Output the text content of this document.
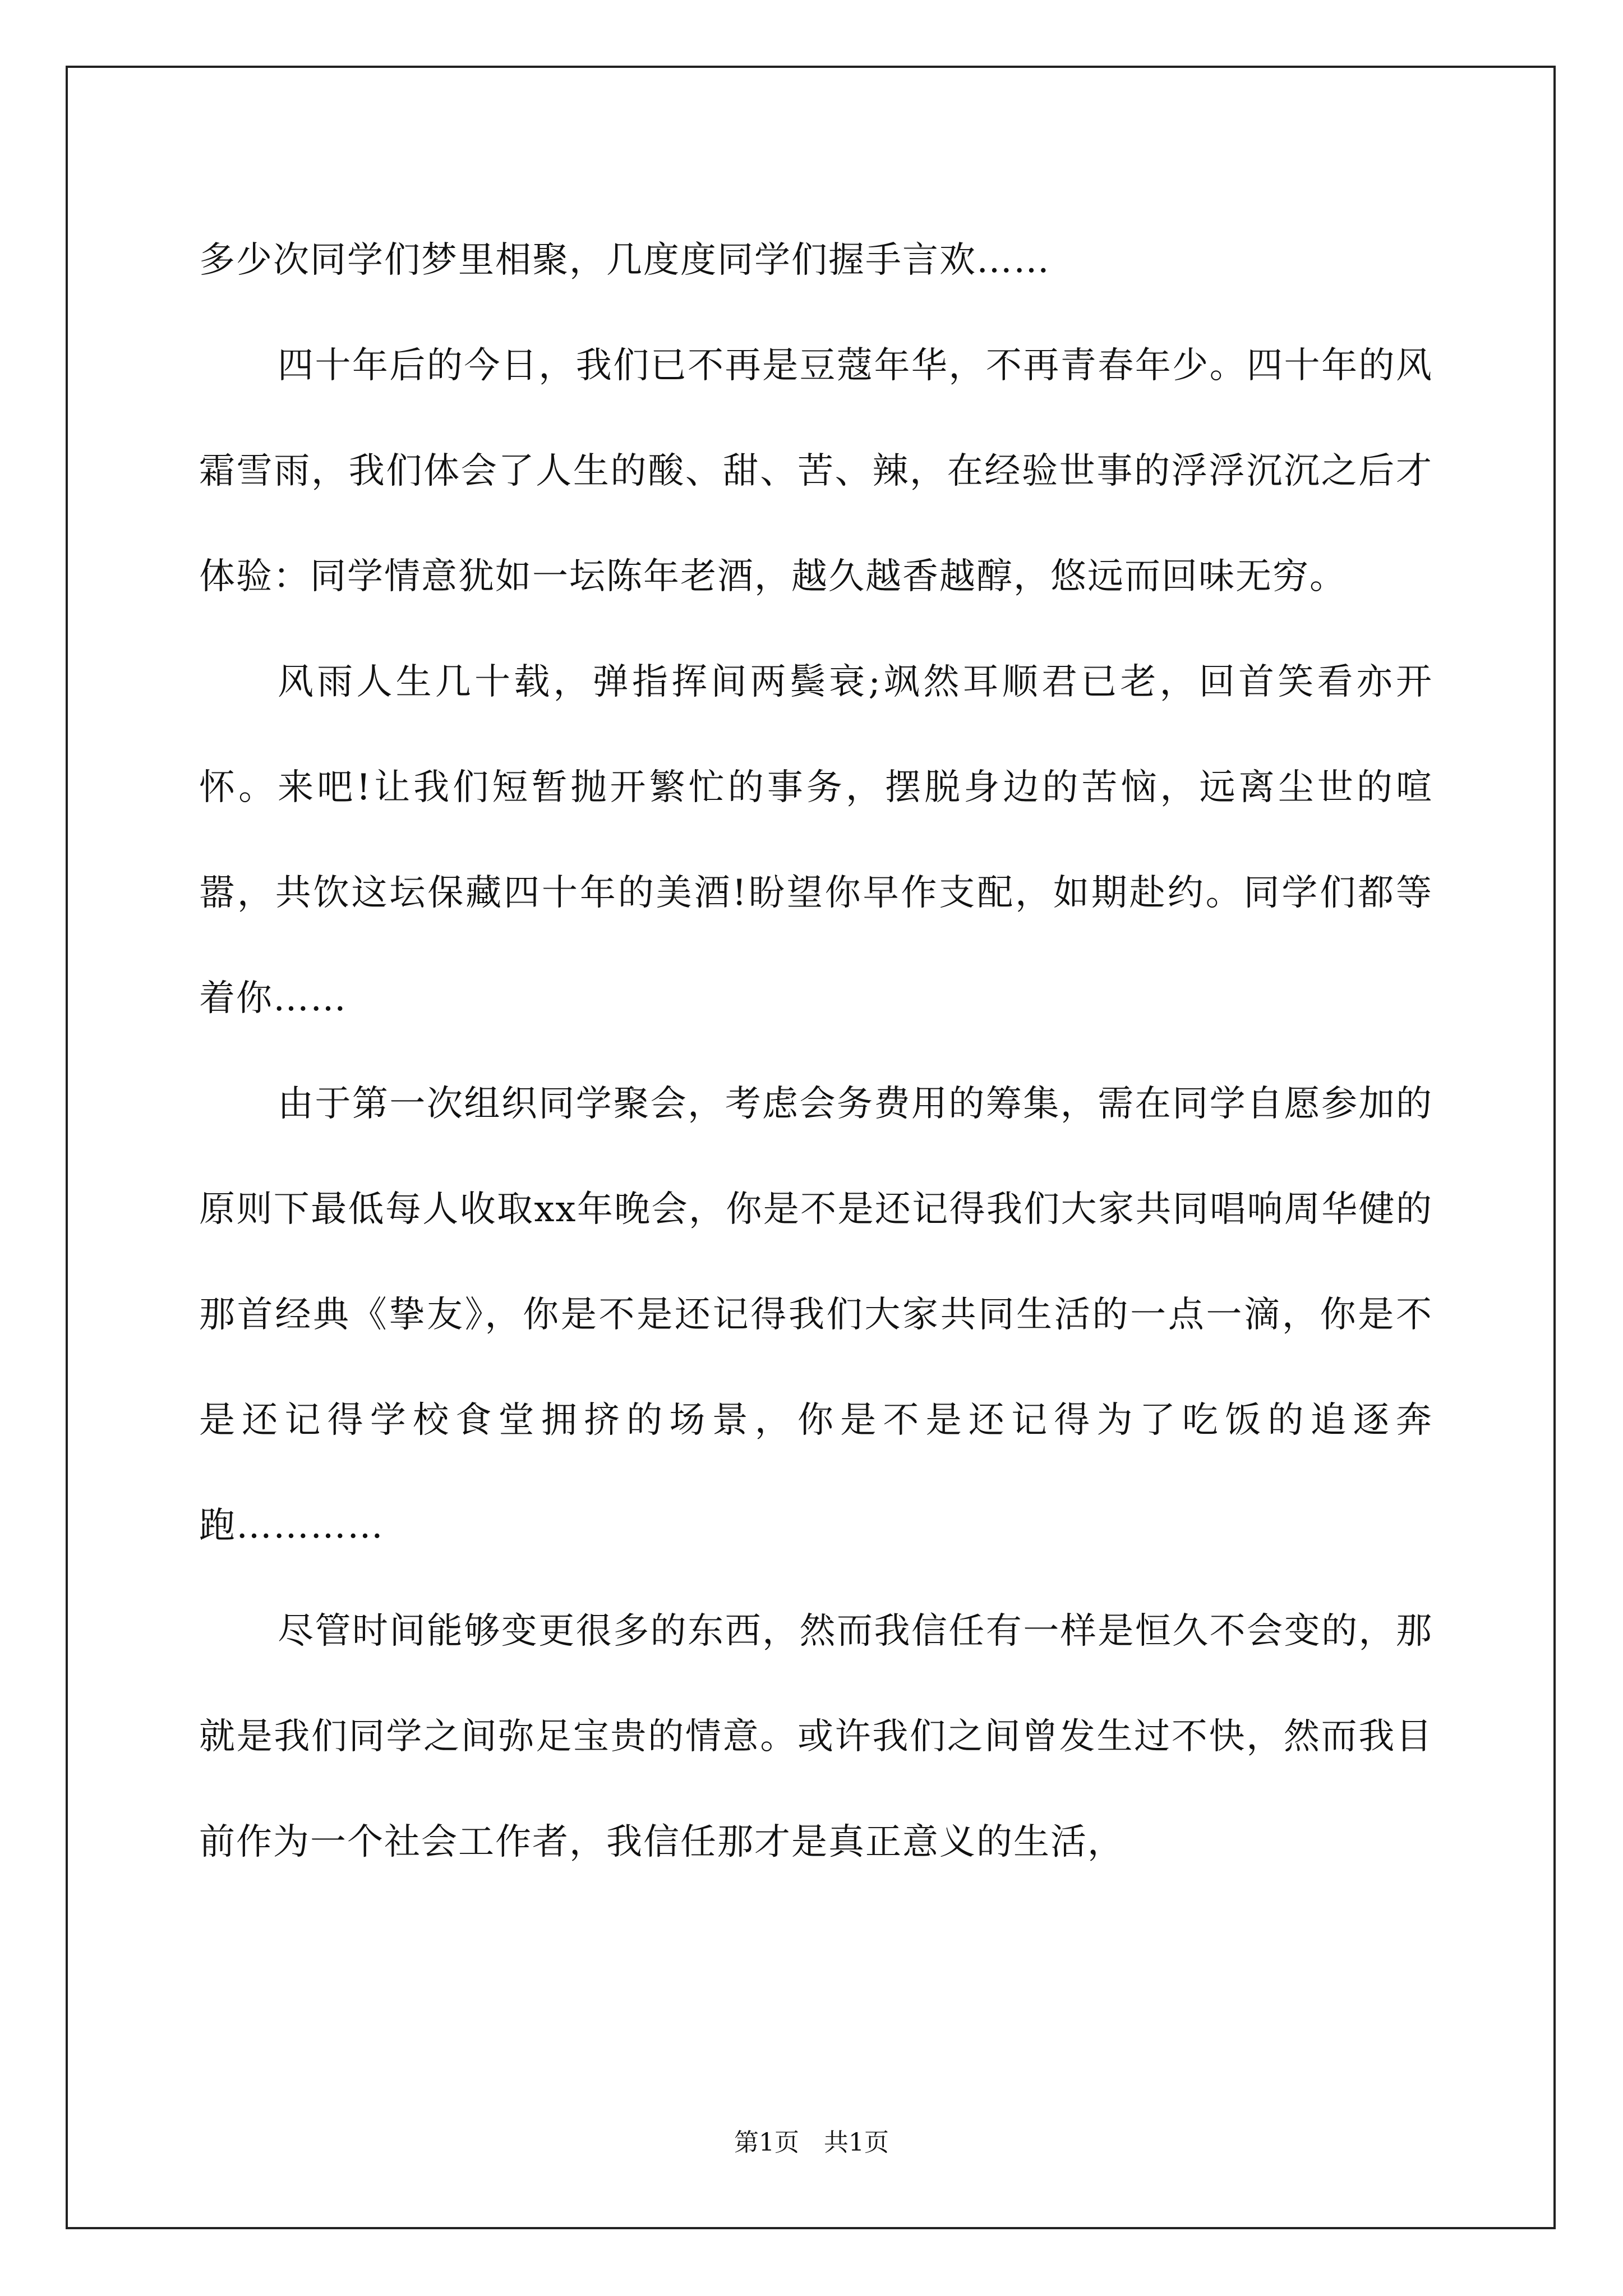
多少次同学们梦里相聚，几度度同学们握手言欢……

四十年后的今日，我们已不再是豆蔻年华，不再青春年少。四十年的风霜雪雨，我们体会了人生的酸、甜、苦、辣，在经验世事的浮浮沉沉之后才体验：同学情意犹如一坛陈年老酒，越久越香越醇，悠远而回味无穷。

风雨人生几十载，弹指挥间两鬓衰;飒然耳顺君已老，回首笑看亦开怀。来吧!让我们短暂抛开繁忙的事务，摆脱身边的苦恼，远离尘世的喧嚣，共饮这坛保藏四十年的美酒!盼望你早作支配，如期赴约。同学们都等着你……

由于第一次组织同学聚会，考虑会务费用的筹集，需在同学自愿参加的原则下最低每人收取xx年晚会，你是不是还记得我们大家共同唱响周华健的那首经典《挚友》，你是不是还记得我们大家共同生活的一点一滴，你是不是还记得学校食堂拥挤的场景，你是不是还记得为了吃饭的追逐奔跑…………

尽管时间能够变更很多的东西，然而我信任有一样是恒久不会变的，那就是我们同学之间弥足宝贵的情意。或许我们之间曾发生过不快，然而我目前作为一个社会工作者，我信任那才是真正意义的生活，

第1页　共1页
